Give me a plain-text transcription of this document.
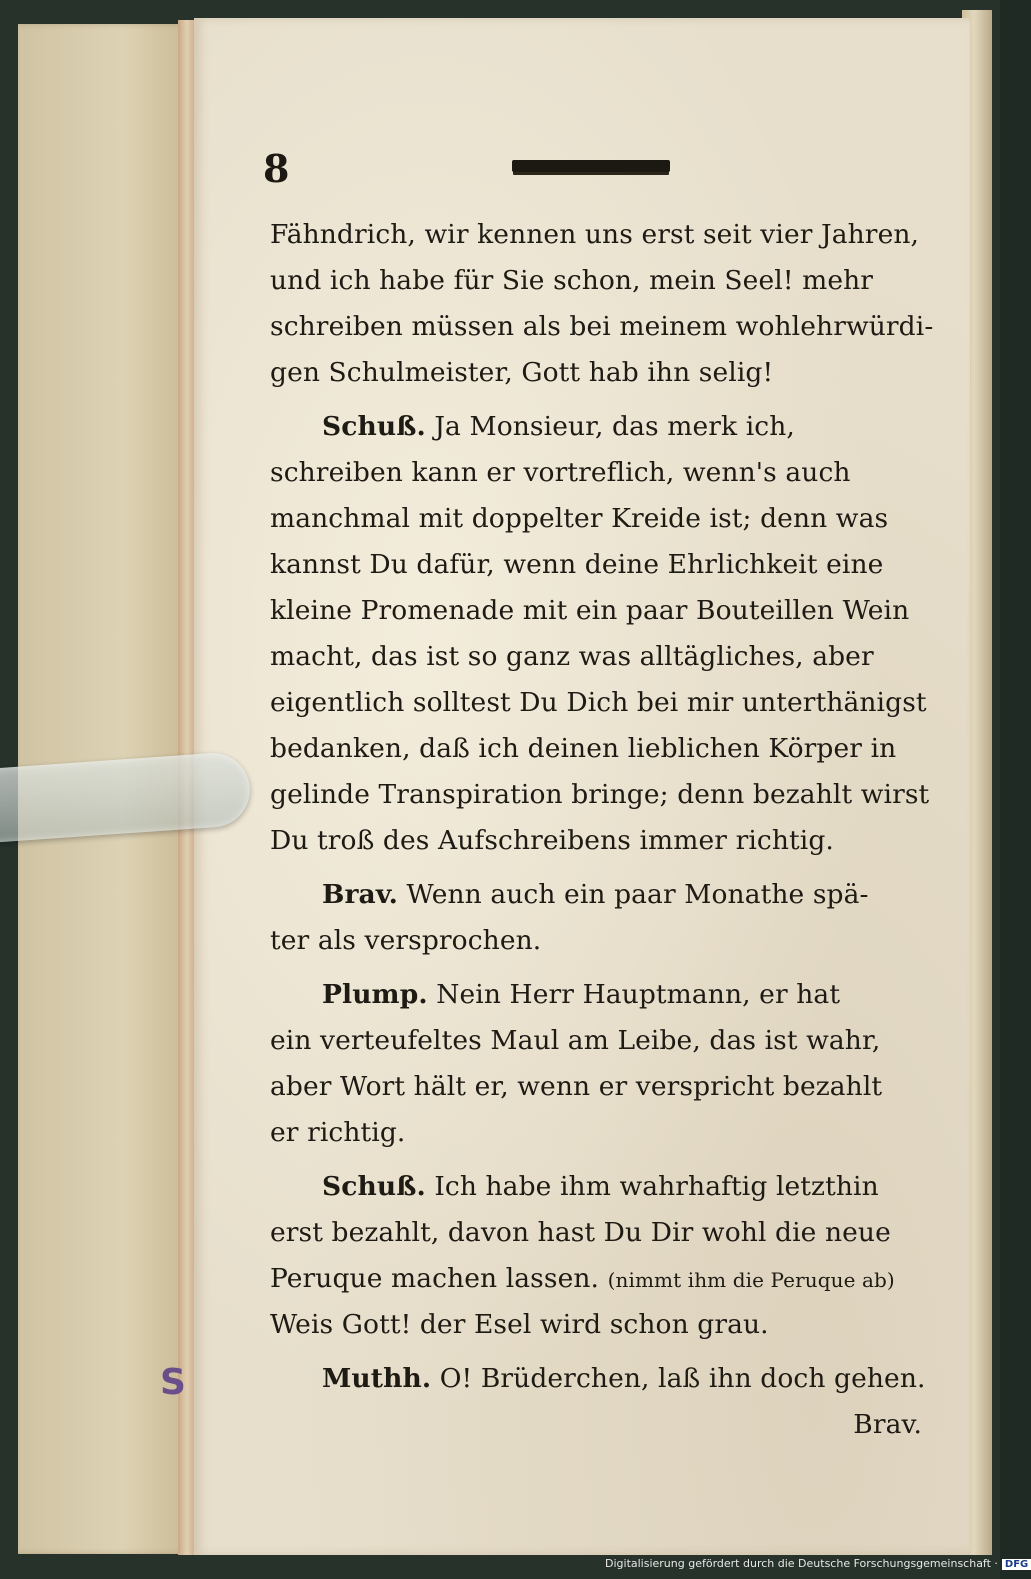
S
8
Fähndrich, wir kennen uns erst seit vier Jahren,
und ich habe für Sie schon, mein Seel! mehr
schreiben müssen als bei meinem wohlehrwürdi-
gen Schulmeister, Gott hab ihn selig!
Schuß. Ja Monsieur, das merk ich,
schreiben kann er vortreflich, wenn's auch
manchmal mit doppelter Kreide ist; denn was
kannst Du dafür, wenn deine Ehrlichkeit eine
kleine Promenade mit ein paar Bouteillen Wein
macht, das ist so ganz was alltägliches, aber
eigentlich solltest Du Dich bei mir unterthänigst
bedanken, daß ich deinen lieblichen Körper in
gelinde Transpiration bringe; denn bezahlt wirst
Du troß des Aufschreibens immer richtig.
Brav. Wenn auch ein paar Monathe spä-
ter als versprochen.
Plump. Nein Herr Hauptmann, er hat
ein verteufeltes Maul am Leibe, das ist wahr,
aber Wort hält er, wenn er verspricht bezahlt
er richtig.
Schuß. Ich habe ihm wahrhaftig letzthin
erst bezahlt, davon hast Du Dir wohl die neue
Peruque machen lassen. (nimmt ihm die Peruque ab)
Weis Gott! der Esel wird schon grau.
Muthh. O! Brüderchen, laß ihn doch gehen.
Brav.
Digitalisierung gefördert durch die Deutsche Forschungsgemeinschaft · DFG
